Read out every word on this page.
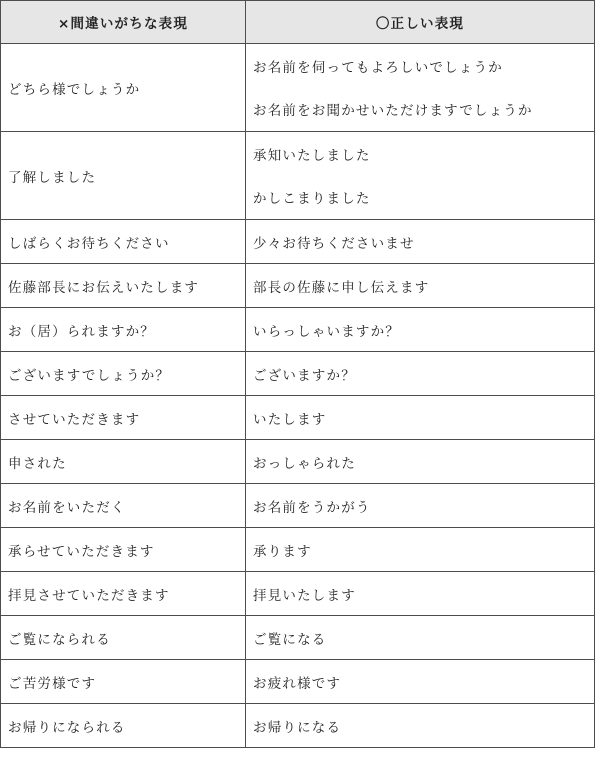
×間違いがちな表現	〇正しい表現
どちら様でしょうか	お名前を伺ってもよろしいでしょうか
お名前をお聞かせいただけますでしょうか

了解しました	承知いたしました
かしこまりました

しばらくお待ちください	少々お待ちくださいませ
佐藤部長にお伝えいたします	部長の佐藤に申し伝えます
お（居）られますか？	いらっしゃいますか？
ございますでしょうか？	ございますか？
させていただきます	いたします
申された	おっしゃられた
お名前をいただく	お名前をうかがう
承らせていただきます	承ります
拝見させていただきます	拝見いたします
ご覧になられる	ご覧になる
ご苦労様です	お疲れ様です
お帰りになられる	お帰りになる
